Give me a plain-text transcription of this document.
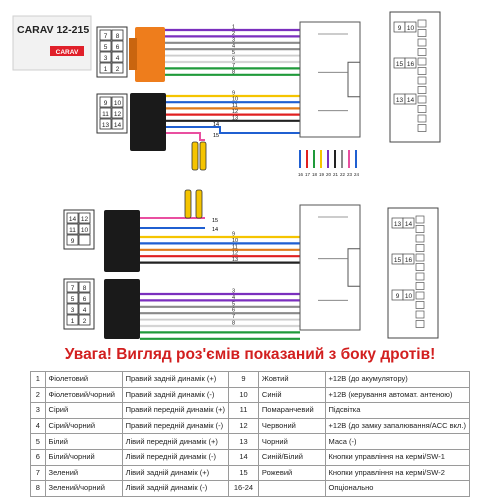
CARAV 12-215
CARAV
7 8
5 6
3 4
1 2
9 10
11 12
13 14
14 12
11 10
9
7 8
5 6
3 4
1 2
1
2
3
4
5
6
7
8
9
10
11
12
13
9
10
11
12
13
3
4
5
6
7
8
14
15
15
14
16 17 18 19 20 21 22 23 24
9 10
15 16
13 14
13 14
15 16
9 10
Увага! Вигляд роз'ємів показаний з боку дротів!
1	Фіолетовий	Правий задній динамік (+)	9	Жовтий	+12В (до акумулятору)
2	Фіолетовий/чорний	Правий задній динамік (-)	10	Синій	+12В (керування автомат. антеною)
3	Сірий	Правий передній динамік (+)	11	Помаранчевий	Підсвітка
4	Сірий/чорний	Правий передній динамік (-)	12	Червоний	+12В (до замку запалювання/ACC вкл.)
5	Білий	Лівий передній динамік (+)	13	Чорний	Маса (-)
6	Білий/чорний	Лівий передній динамік (-)	14	Синій/Білий	Кнопки управління на кермі/SW-1
7	Зелений	Лівий задній динамік (+)	15	Рожевий	Кнопки управління на кермі/SW-2
8	Зелений/чорний	Лівий задній динамік (-)	16-24		Опціонально
